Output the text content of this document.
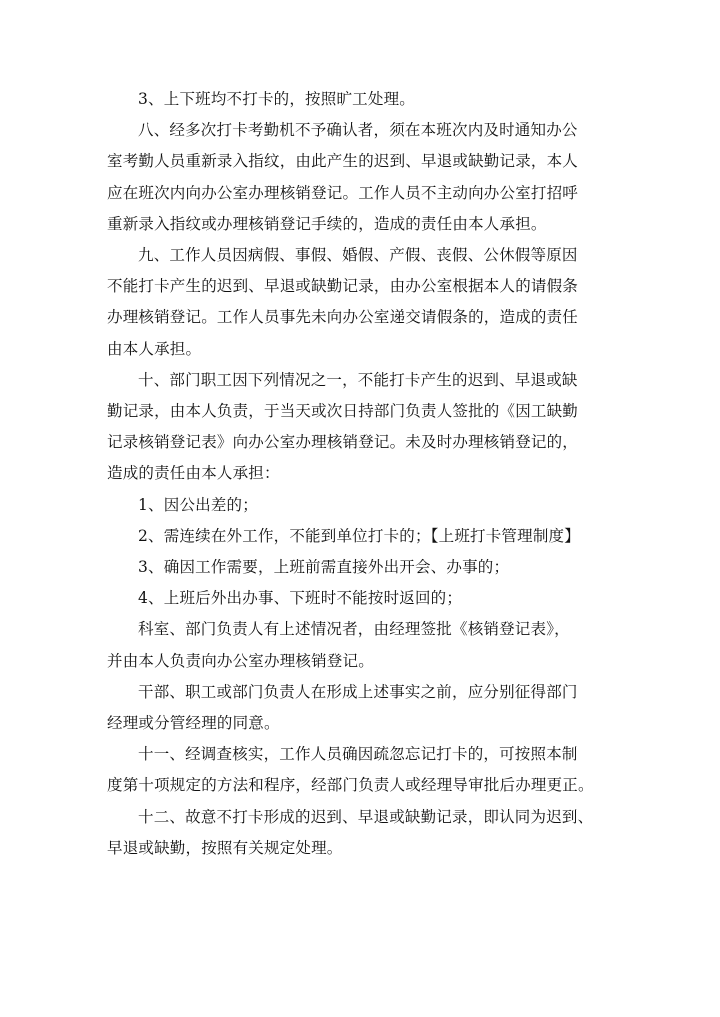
3、上下班均不打卡的，按照旷工处理。

八、经多次打卡考勤机不予确认者，须在本班次内及时通知办公
室考勤人员重新录入指纹，由此产生的迟到、早退或缺勤记录，本人
应在班次内向办公室办理核销登记。工作人员不主动向办公室打招呼
重新录入指纹或办理核销登记手续的，造成的责任由本人承担。

九、工作人员因病假、事假、婚假、产假、丧假、公休假等原因
不能打卡产生的迟到、早退或缺勤记录，由办公室根据本人的请假条
办理核销登记。工作人员事先未向办公室递交请假条的，造成的责任
由本人承担。

十、部门职工因下列情况之一，不能打卡产生的迟到、早退或缺
勤记录，由本人负责，于当天或次日持部门负责人签批的《因工缺勤
记录核销登记表》向办公室办理核销登记。未及时办理核销登记的，
造成的责任由本人承担：

1、因公出差的；

2、需连续在外工作，不能到单位打卡的；【上班打卡管理制度】

3、确因工作需要，上班前需直接外出开会、办事的；

4、上班后外出办事、下班时不能按时返回的；

科室、部门负责人有上述情况者，由经理签批《核销登记表》，
并由本人负责向办公室办理核销登记。

干部、职工或部门负责人在形成上述事实之前，应分别征得部门
经理或分管经理的同意。

十一、经调查核实，工作人员确因疏忽忘记打卡的，可按照本制
度第十项规定的方法和程序，经部门负责人或经理导审批后办理更正。

十二、故意不打卡形成的迟到、早退或缺勤记录，即认同为迟到、
早退或缺勤，按照有关规定处理。
